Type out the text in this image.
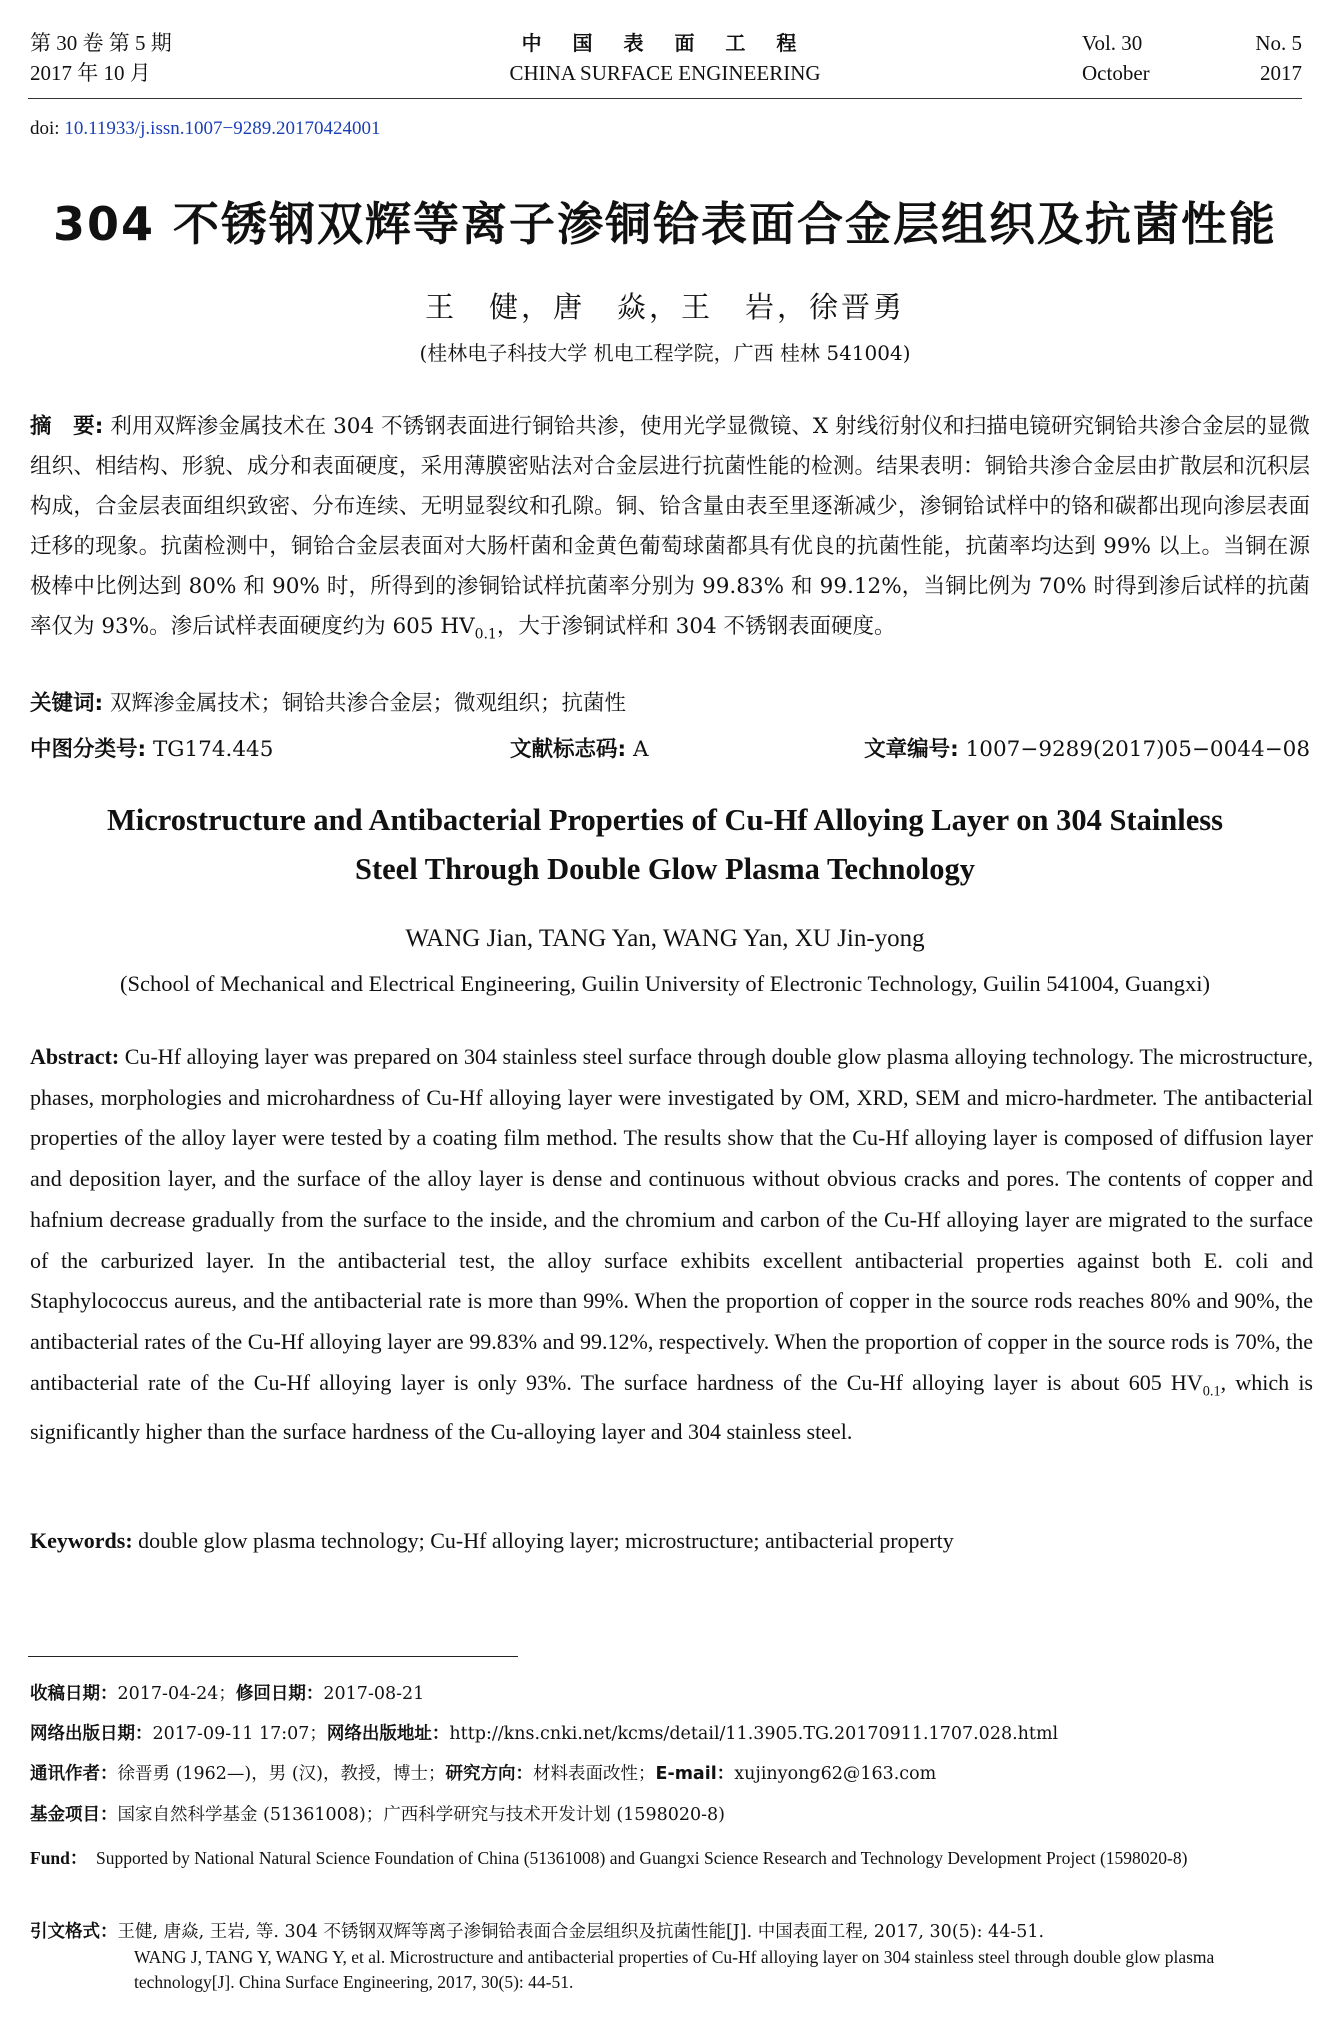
第 30 卷 第 5 期
2017 年 10 月
中 国 表 面 工 程
CHINA SURFACE ENGINEERING
Vol. 30	No. 5
October	2017
doi: 10.11933/j.issn.1007−9289.20170424001
304 不锈钢双辉等离子渗铜铪表面合金层组织及抗菌性能
王　健，唐　焱，王　岩，徐晋勇
(桂林电子科技大学 机电工程学院，广西 桂林 541004)
摘　要: 利用双辉渗金属技术在 304 不锈钢表面进行铜铪共渗，使用光学显微镜、X 射线衍射仪和扫描电镜研究铜铪共渗合金层的显微组织、相结构、形貌、成分和表面硬度，采用薄膜密贴法对合金层进行抗菌性能的检测。结果表明：铜铪共渗合金层由扩散层和沉积层构成，合金层表面组织致密、分布连续、无明显裂纹和孔隙。铜、铪含量由表至里逐渐减少，渗铜铪试样中的铬和碳都出现向渗层表面迁移的现象。抗菌检测中，铜铪合金层表面对大肠杆菌和金黄色葡萄球菌都具有优良的抗菌性能，抗菌率均达到 99% 以上。当铜在源极棒中比例达到 80% 和 90% 时，所得到的渗铜铪试样抗菌率分别为 99.83% 和 99.12%，当铜比例为 70% 时得到渗后试样的抗菌率仅为 93%。渗后试样表面硬度约为 605 $HV_{0.1}$，大于渗铜试样和 304 不锈钢表面硬度。
关键词: 双辉渗金属技术；铜铪共渗合金层；微观组织；抗菌性
中图分类号: TG174.445	文献标志码: A	文章编号: 1007−9289(2017)05−0044−08
Microstructure and Antibacterial Properties of Cu-Hf Alloying Layer on 304 Stainless
Steel Through Double Glow Plasma Technology
WANG Jian, TANG Yan, WANG Yan, XU Jin-yong
(School of Mechanical and Electrical Engineering, Guilin University of Electronic Technology, Guilin 541004, Guangxi)
Abstract: Cu-Hf alloying layer was prepared on 304 stainless steel surface through double glow plasma alloying technology. The microstructure, phases, morphologies and microhardness of Cu-Hf alloying layer were investigated by OM, XRD, SEM and micro-hardmeter. The antibacterial properties of the alloy layer were tested by a coating film method. The results show that the Cu-Hf alloying layer is composed of diffusion layer and deposition layer, and the surface of the alloy layer is dense and continuous without obvious cracks and pores. The contents of copper and hafnium decrease gradually from the surface to the inside, and the chromium and carbon of the Cu-Hf alloying layer are migrated to the surface of the carburized layer. In the antibacterial test, the alloy surface exhibits excellent antibacterial properties against both E. coli and Staphylococcus aureus, and the antibacterial rate is more than 99%. When the proportion of copper in the source rods reaches 80% and 90%, the antibacterial rates of the Cu-Hf alloying layer are 99.83% and 99.12%, respectively. When the proportion of copper in the source rods is 70%, the antibacterial rate of the Cu-Hf alloying layer is only 93%. The surface hardness of the Cu-Hf alloying layer is about 605 $HV_{0.1}$, which is significantly higher than the surface hardness of the Cu-alloying layer and 304 stainless steel.
Keywords: double glow plasma technology; Cu-Hf alloying layer; microstructure; antibacterial property
收稿日期：2017-04-24；修回日期：2017-08-21
网络出版日期：2017-09-11 17:07；网络出版地址：http://kns.cnki.net/kcms/detail/11.3905.TG.20170911.1707.028.html
通讯作者：徐晋勇 (1962—)，男 (汉)，教授，博士；研究方向：材料表面改性；E-mail：xujinyong62@163.com
基金项目：国家自然科学基金 (51361008)；广西科学研究与技术开发计划 (1598020-8)
Fund： Supported by National Natural Science Foundation of China (51361008) and Guangxi Science Research and Technology Development Project (1598020-8)
引文格式：王健, 唐焱, 王岩, 等. 304 不锈钢双辉等离子渗铜铪表面合金层组织及抗菌性能[J]. 中国表面工程, 2017, 30(5): 44-51.
WANG J, TANG Y, WANG Y, et al. Microstructure and antibacterial properties of Cu-Hf alloying layer on 304 stainless steel through double glow plasma technology[J]. China Surface Engineering, 2017, 30(5): 44-51.
